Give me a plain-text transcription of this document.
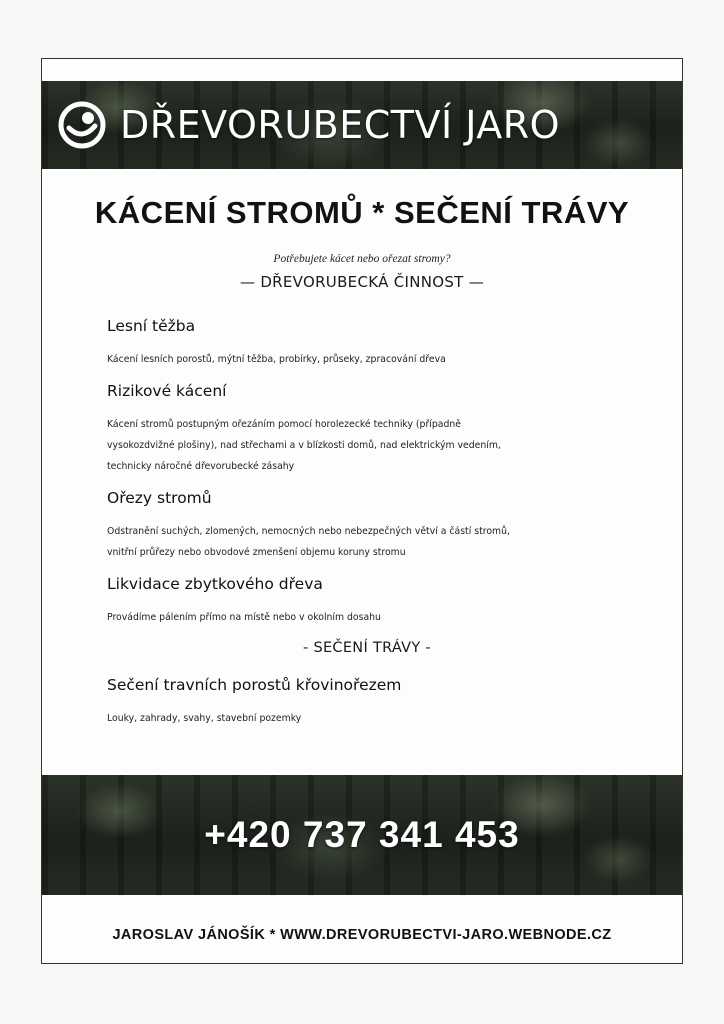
DŘEVORUBECTVÍ JARO
KÁCENÍ STROMŮ * SEČENÍ TRÁVY
Potřebujete kácet nebo ořezat stromy?
— DŘEVORUBECKÁ ČINNOST —
Lesní těžba

Kácení lesních porostů, mýtní těžba, probírky, průseky, zpracování dřeva

Rizikové kácení

Kácení stromů postupným ořezáním pomocí horolezecké techniky (případně

vysokozdvižné plošiny), nad střechami a v blízkosti domů, nad elektrickým vedením,

technicky náročné dřevorubecké zásahy

Ořezy stromů

Odstranění suchých, zlomených, nemocných nebo nebezpečných větví a částí stromů,

vnitřní průřezy nebo obvodové zmenšení objemu koruny stromu

Likvidace zbytkového dřeva

Provádíme pálením přímo na místě nebo v okolním dosahu

- SEČENÍ TRÁVY -
Sečení travních porostů křovinořezem

Louky, zahrady, svahy, stavební pozemky

+420 737 341 453
JAROSLAV JÁNOŠÍK * WWW.DREVORUBECTVI-JARO.WEBNODE.CZ
